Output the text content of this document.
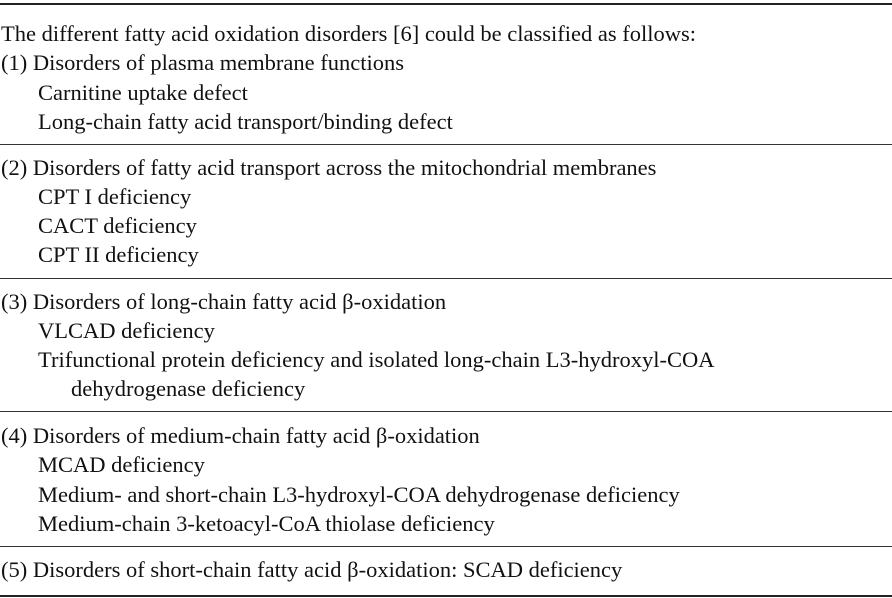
The different fatty acid oxidation disorders [6] could be classified as follows:
(1) Disorders of plasma membrane functions
Carnitine uptake defect
Long-chain fatty acid transport/binding defect
(2) Disorders of fatty acid transport across the mitochondrial membranes
CPT I deficiency
CACT deficiency
CPT II deficiency
(3) Disorders of long-chain fatty acid β-oxidation
VLCAD deficiency
Trifunctional protein deficiency and isolated long-chain L3-hydroxyl-COA
dehydrogenase deficiency
(4) Disorders of medium-chain fatty acid β-oxidation
MCAD deficiency
Medium- and short-chain L3-hydroxyl-COA dehydrogenase deficiency
Medium-chain 3-ketoacyl-CoA thiolase deficiency
(5) Disorders of short-chain fatty acid β-oxidation: SCAD deficiency
